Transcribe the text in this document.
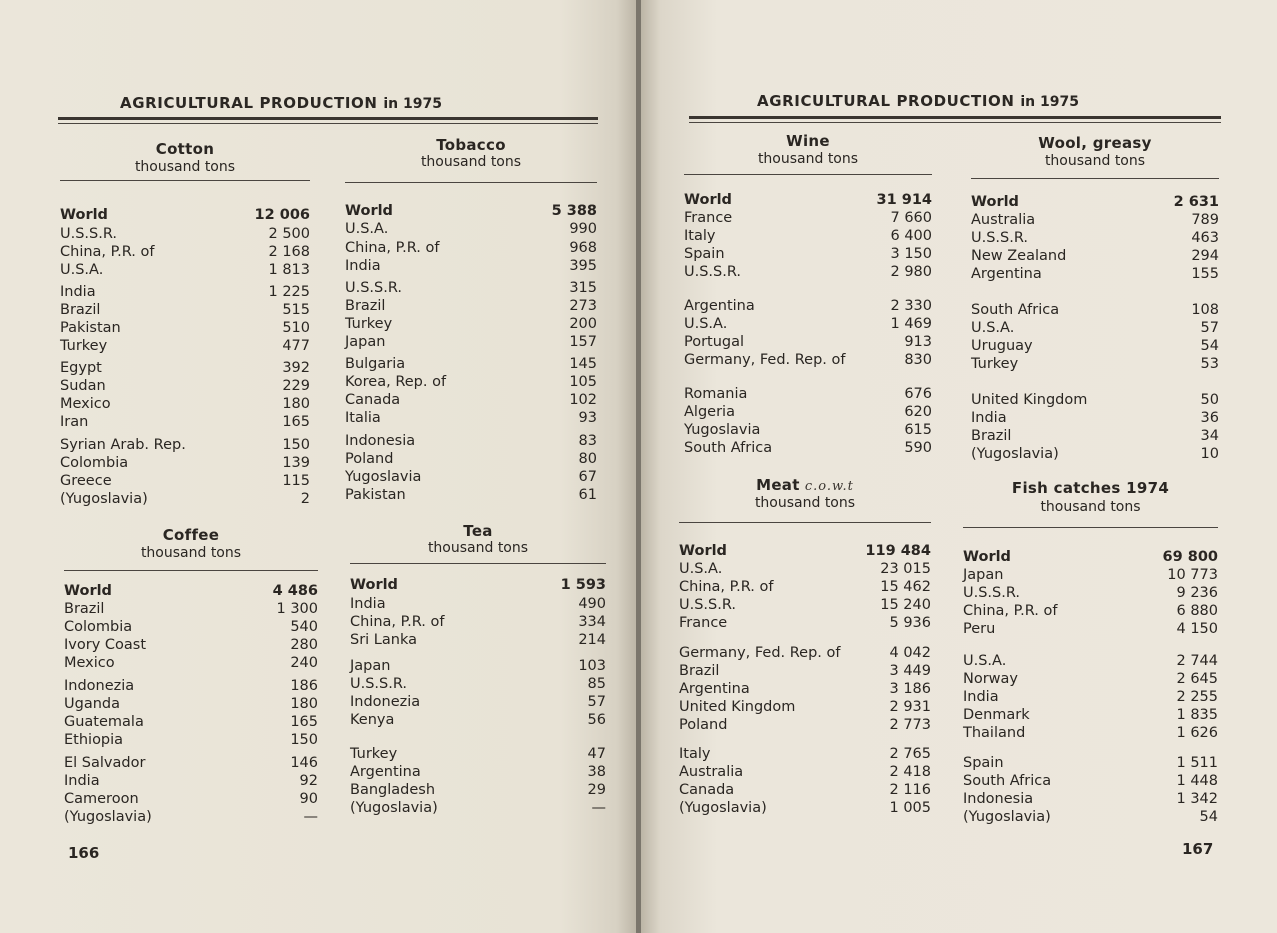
AGRICULTURAL PRODUCTION in 1975
Cotton
thousand tons
World	12 006
U.S.S.R.	2 500
China, P.R. of	2 168
U.S.A.	1 813
India	1 225
Brazil	515
Pakistan	510
Turkey	477
Egypt	392
Sudan	229
Mexico	180
Iran	165
Syrian Arab. Rep.	150
Colombia	139
Greece	115
(Yugoslavia)	2
Tobacco
thousand tons
World	5 388
U.S.A.	990
China, P.R. of	968
India	395
U.S.S.R.	315
Brazil	273
Turkey	200
Japan	157
Bulgaria	145
Korea, Rep. of	105
Canada	102
Italia	93
Indonesia	83
Poland	80
Yugoslavia	67
Pakistan	61
Coffee
thousand tons
World	4 486
Brazil	1 300
Colombia	540
Ivory Coast	280
Mexico	240
Indonezia	186
Uganda	180
Guatemala	165
Ethiopia	150
El Salvador	146
India	92
Cameroon	90
(Yugoslavia)	—
Tea
thousand tons
World	1 593
India	490
China, P.R. of	334
Sri Lanka	214
Japan	103
U.S.S.R.	85
Indonezia	57
Kenya	56
Turkey	47
Argentina	38
Bangladesh	29
(Yugoslavia)	—
166
AGRICULTURAL PRODUCTION in 1975
Wine
thousand tons
World	31 914
France	7 660
Italy	6 400
Spain	3 150
U.S.S.R.	2 980
Argentina	2 330
U.S.A.	1 469
Portugal	913
Germany, Fed. Rep. of	830
Romania	676
Algeria	620
Yugoslavia	615
South Africa	590
Wool, greasy
thousand tons
World	2 631
Australia	789
U.S.S.R.	463
New Zealand	294
Argentina	155
South Africa	108
U.S.A.	57
Uruguay	54
Turkey	53
United Kingdom	50
India	36
Brazil	34
(Yugoslavia)	10
Meat c.o.w.t
thousand tons
World	119 484
U.S.A.	23 015
China, P.R. of	15 462
U.S.S.R.	15 240
France	5 936
Germany, Fed. Rep. of	4 042
Brazil	3 449
Argentina	3 186
United Kingdom	2 931
Poland	2 773
Italy	2 765
Australia	2 418
Canada	2 116
(Yugoslavia)	1 005
Fish catches 1974
thousand tons
World	69 800
Japan	10 773
U.S.S.R.	9 236
China, P.R. of	6 880
Peru	4 150
U.S.A.	2 744
Norway	2 645
India	2 255
Denmark	1 835
Thailand	1 626
Spain	1 511
South Africa	1 448
Indonesia	1 342
(Yugoslavia)	54
167
